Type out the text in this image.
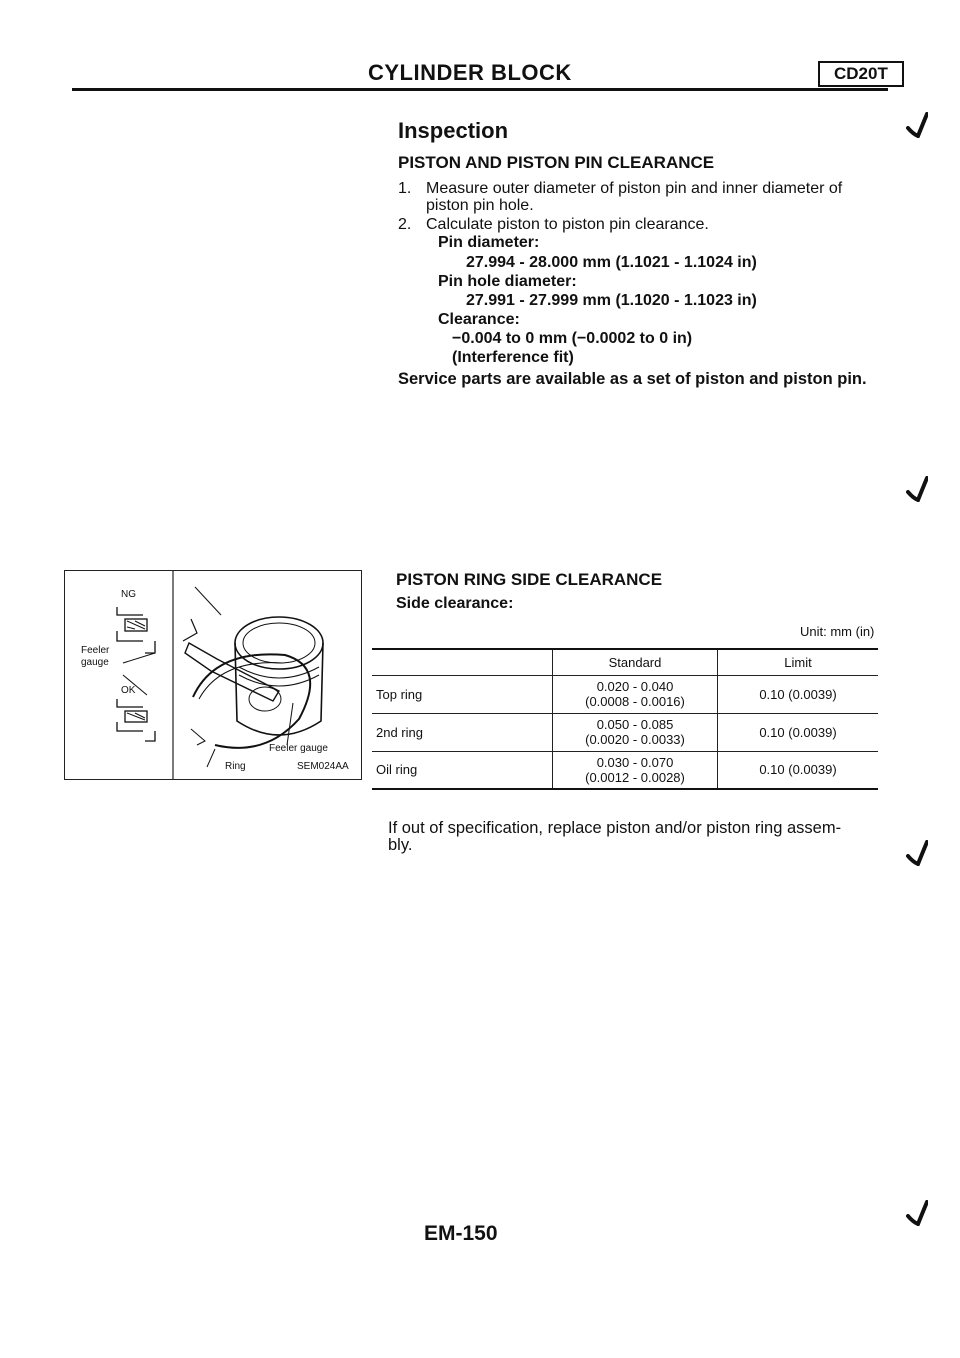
CYLINDER BLOCK	CD20T
Inspection
PISTON AND PISTON PIN CLEARANCE
1. Measure outer diameter of piston pin and inner diameter of
piston pin hole.
2. Calculate piston to piston pin clearance.
Pin diameter:
27.994 - 28.000 mm (1.1021 - 1.1024 in)
Pin hole diameter:
27.991 - 27.999 mm (1.1020 - 1.1023 in)
Clearance:
−0.004 to 0 mm (−0.0002 to 0 in)
(Interference fit)
Service parts are available as a set of piston and piston pin.
NG
Feeler
gauge
OK
Feeler gauge
Ring	SEM024AA
PISTON RING SIDE CLEARANCE
Side clearance:
Unit: mm (in)
	Standard	Limit
Top ring	0.020 - 0.040
(0.0008 - 0.0016)	0.10 (0.0039)
2nd ring	0.050 - 0.085
(0.0020 - 0.0033)	0.10 (0.0039)
Oil ring	0.030 - 0.070
(0.0012 - 0.0028)	0.10 (0.0039)
If out of specification, replace piston and/or piston ring assem-
bly.
EM-150
